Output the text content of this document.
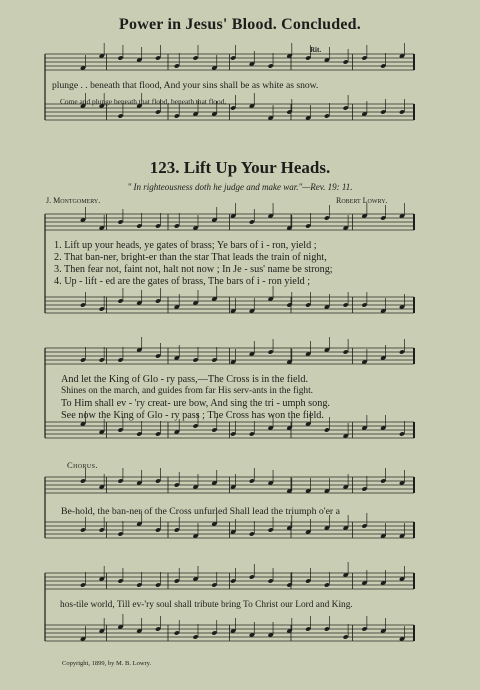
Power in Jesus' Blood. Concluded.
Rit.
plunge . . beneath that flood, And your sins shall be as white as snow.
Come and plunge beneath that flood, beneath that flood,
123. Lift Up Your Heads.
" In righteousness doth he judge and make war."—Rev. 19: 11.
J. Montgomery.	Robert Lowry.
1. Lift up your heads, ye gates of brass; Ye bars of i - ron, yield ;
2. That ban-ner, bright-er than the star That leads the train of night,
3. Then fear not, faint not, halt not now ; In Je - sus' name be strong;
4. Up - lift - ed are the gates of brass, The bars of i - ron yield ;
And let the King of Glo - ry pass,—The Cross is in the field.
Shines on the march, and guides from far His serv-ants in the fight.
To Him shall ev - 'ry creat- ure bow, And sing the tri - umph song.
See now the King of Glo - ry pass ; The Cross has won the field.
Chorus.
Be-hold, the ban-ner of the Cross unfurled Shall lead the triumph o'er a
hos-tile world, Till ev-'ry soul shall tribute bring To Christ our Lord and King.
Copyright, 1899, by M. B. Lowry.
